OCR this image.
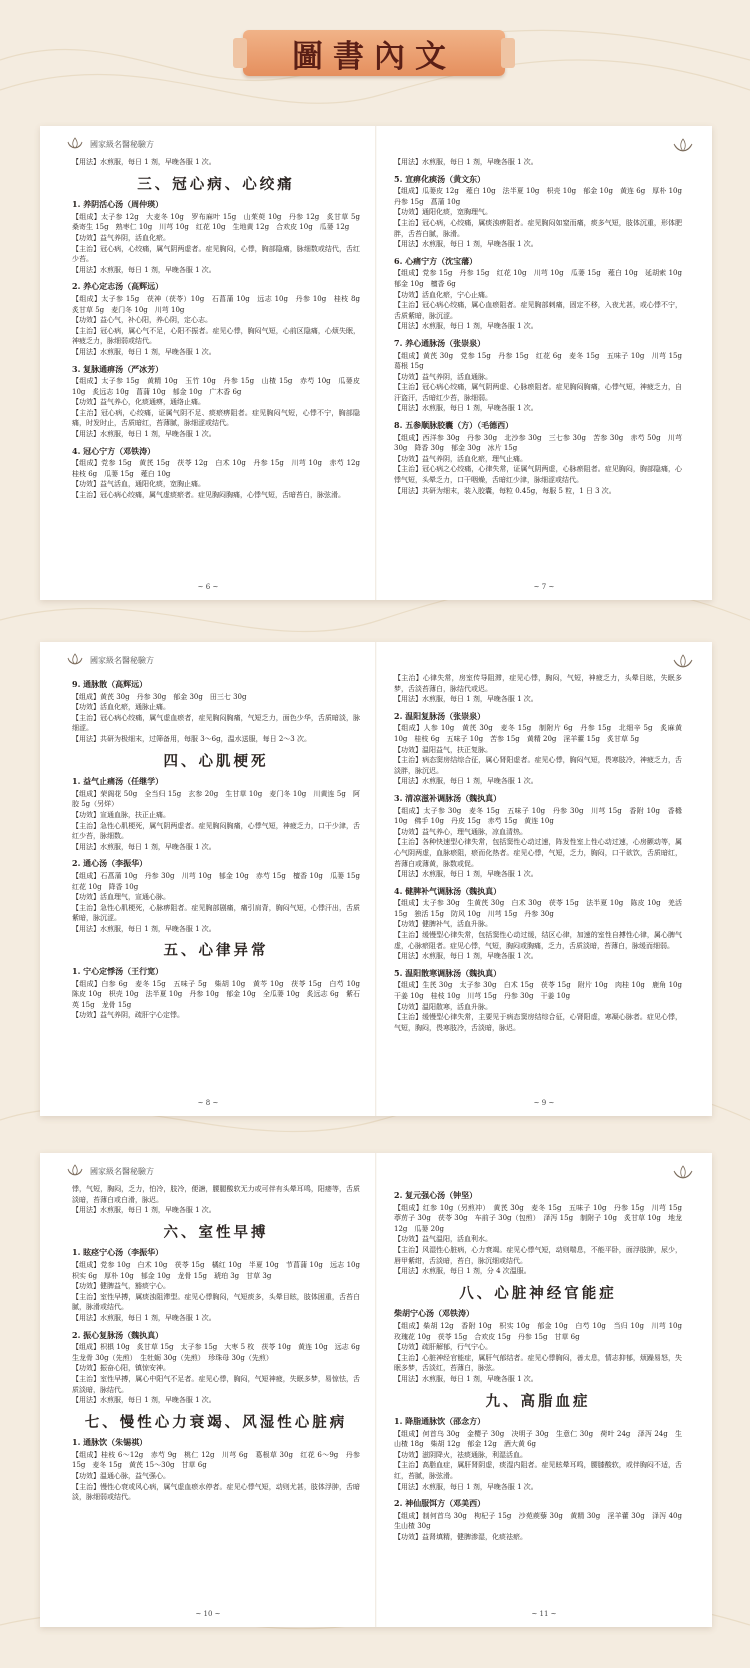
圖書內文
國家級名醫秘驗方

【用法】水煎服，每日 1 剂，早晚各服 1 次。

三、冠心病、心绞痛
1. 养阴活心汤（周仲瑛）

【组成】太子参 12g　大麦冬 10g　罗布麻叶 15g　山茱萸 10g　丹参 12g　炙甘草 5g　桑寄生 15g　熟枣仁 10g　川芎 10g　红花 10g　生地黄 12g　合欢皮 10g　瓜蒌 12g

【功效】益气养阴，活血化瘀。

【主治】冠心病，心绞痛，属气阴两虚者。症见胸闷，心悸，胸部隐痛，脉细数或结代，舌红少苔。

【用法】水煎服，每日 1 剂，早晚各服 1 次。

2. 养心定志汤（高辉远）

【组成】太子参 15g　茯神（茯苓）10g　石菖蒲 10g　远志 10g　丹参 10g　桂枝 8g　炙甘草 5g　麦门冬 10g　川芎 10g

【功效】益心气，补心阳，养心阴，定心志。

【主治】冠心病，属心气不足，心阳不振者。症见心悸，胸闷气短，心前区隐痛，心烦失眠，神疲乏力，脉细弱或结代。

【用法】水煎服，每日 1 剂，早晚各服 1 次。

3. 复脉通痹汤（严冰芳）

【组成】太子参 15g　黄精 10g　玉竹 10g　丹参 15g　山楂 15g　赤芍 10g　瓜蒌皮 10g　炙远志 10g　菖蒲 10g　郁金 10g　广木香 6g

【功效】益气养心，化痰通痹，通络止痛。

【主治】冠心病，心绞痛，证属气阴不足、痰瘀痹阻者。症见胸闷气短，心悸不宁，胸部隐痛，时发时止，舌质暗红，苔薄腻，脉细涩或结代。

【用法】水煎服，每日 1 剂，早晚各服 1 次。

4. 冠心宁方（邓铁涛）

【组成】党参 15g　黄芪 15g　茯苓 12g　白术 10g　丹参 15g　川芎 10g　赤芍 12g　桂枝 6g　瓜蒌 15g　薤白 10g

【功效】益气活血，通阳化痰，宽胸止痛。

【主治】冠心病心绞痛，属气虚痰瘀者。症见胸闷胸痛，心悸气短，舌暗苔白，脉弦滑。

~ 6 ~

【用法】水煎服，每日 1 剂，早晚各服 1 次。

5. 宣痹化痰汤（黄文东）

【组成】瓜蒌皮 12g　薤白 10g　法半夏 10g　枳壳 10g　郁金 10g　黄连 6g　厚朴 10g　丹参 15g　菖蒲 10g

【功效】通阳化痰，宽胸理气。

【主治】冠心病，心绞痛，属痰浊痹阻者。症见胸闷如窒而痛，痰多气短，肢体沉重，形体肥胖，舌苔白腻，脉滑。

【用法】水煎服，每日 1 剂，早晚各服 1 次。

6. 心痛宁方（沈宝藩）

【组成】党参 15g　丹参 15g　红花 10g　川芎 10g　瓜蒌 15g　薤白 10g　延胡索 10g　郁金 10g　檀香 6g

【功效】活血化瘀，宁心止痛。

【主治】冠心病心绞痛，属心血瘀阻者。症见胸部刺痛，固定不移，入夜尤甚，或心悸不宁，舌质紫暗，脉沉涩。

【用法】水煎服，每日 1 剂，早晚各服 1 次。

7. 养心通脉汤（张崇泉）

【组成】黄芪 30g　党参 15g　丹参 15g　红花 6g　麦冬 15g　五味子 10g　川芎 15g　葛根 15g

【功效】益气养阴，活血通脉。

【主治】冠心病心绞痛，属气阴两虚、心脉瘀阻者。症见胸闷胸痛，心悸气短，神疲乏力，自汗盗汗，舌暗红少苔，脉细弱。

【用法】水煎服，每日 1 剂，早晚各服 1 次。

8. 五参顺脉胶囊（方）（毛德西）

【组成】西洋参 30g　丹参 30g　北沙参 30g　三七参 30g　苦参 30g　赤芍 50g　川芎 30g　降香 30g　郁金 30g　冰片 15g

【功效】益气养阴，活血化瘀，理气止痛。

【主治】冠心病之心绞痛，心律失常，证属气阴两虚，心脉瘀阻者。症见胸闷，胸部隐痛，心悸气短，头晕乏力，口干咽燥，舌暗红少津，脉细涩或结代。

【用法】共研为细末，装入胶囊，每粒 0.45g，每服 5 粒，1 日 3 次。

~ 7 ~
國家級名醫秘驗方
9. 通脉散（高辉远）

【组成】黄芪 30g　丹参 30g　郁金 30g　田三七 30g

【功效】活血化瘀，通脉止痛。

【主治】冠心病心绞痛，属气虚血瘀者，症见胸闷胸痛，气短乏力，面色少华，舌质暗淡，脉细涩。

【用法】共研为极细末，过筛备用，每服 3～6g，温水送服，每日 2～3 次。

四、心肌梗死
1. 益气止痛汤（任继学）

【组成】荣阁花 50g　全当归 15g　玄参 20g　生甘草 10g　麦门冬 10g　川黄连 5g　阿胶 5g（另烊）

【功效】宣通血脉，扶正止痛。

【主治】急性心肌梗死，属气阴两虚者。症见胸闷胸痛，心悸气短，神疲乏力，口干少津，舌红少苔，脉细数。

【用法】水煎服，每日 1 剂，早晚各服 1 次。

2. 通心汤（李振华）

【组成】石菖蒲 10g　丹参 30g　川芎 10g　郁金 10g　赤芍 15g　檀香 10g　瓜蒌 15g　红花 10g　降香 10g

【功效】活血理气，宣通心脉。

【主治】急性心肌梗死，心脉痹阻者。症见胸部剧痛，痛引肩背，胸闷气短，心悸汗出，舌质紫暗，脉沉涩。

【用法】水煎服，每日 1 剂，早晚各服 1 次。

五、心律异常
1. 宁心定悸汤（王行宽）

【组成】白参 6g　麦冬 15g　五味子 5g　柴胡 10g　黄芩 10g　茯苓 15g　白芍 10g　陈皮 10g　枳壳 10g　法半夏 10g　丹参 10g　郁金 10g　全瓜蒌 10g　炙远志 6g　紫石英 15g　龙骨 15g

【功效】益气养阴，疏肝宁心定悸。

~ 8 ~

【主治】心律失常，房室传导阻滞，症见心悸，胸闷，气短，神疲乏力，头晕目眩，失眠多梦，舌淡苔薄白，脉结代或迟。

【用法】水煎服，每日 1 剂，早晚各服 1 次。

2. 温阳复脉汤（张崇泉）

【组成】人参 10g　黄芪 30g　麦冬 15g　制附片 6g　丹参 15g　北细辛 5g　炙麻黄 10g　桂枝 6g　五味子 10g　苦参 15g　黄精 20g　淫羊藿 15g　炙甘草 5g

【功效】温阳益气，扶正复脉。

【主治】病态窦房结综合征，属心肾阳虚者。症见心悸，胸闷气短，畏寒肢冷，神疲乏力，舌淡胖，脉沉迟。

【用法】水煎服，每日 1 剂，早晚各服 1 次。

3. 清凉滋补调脉汤（魏执真）

【组成】太子参 30g　麦冬 15g　五味子 10g　丹参 30g　川芎 15g　香附 10g　香橼 10g　佛手 10g　丹皮 15g　赤芍 15g　黄连 10g

【功效】益气养心，理气通脉，凉血清热。

【主治】各种快速型心律失常，包括窦性心动过速，阵发性室上性心动过速，心房颤动等，属心气阴两虚，血脉瘀阻，瘀而化热者。症见心悸，气短，乏力，胸闷，口干欲饮，舌质暗红，苔薄白或薄黄，脉数或促。

【用法】水煎服，每日 1 剂，早晚各服 1 次。

4. 健脾补气调脉汤（魏执真）

【组成】太子参 30g　生黄芪 30g　白术 30g　茯苓 15g　法半夏 10g　陈皮 10g　羌活 15g　独活 15g　防风 10g　川芎 15g　丹参 30g

【功效】健脾补气，活血升脉。

【主治】缓慢型心律失常，包括窦性心动过缓，结区心律，加速的室性自搏性心律，属心脾气虚，心脉瘀阻者。症见心悸，气短，胸闷或胸痛，乏力，舌质淡暗，苔薄白，脉缓而细弱。

【用法】水煎服，每日 1 剂，早晚各服 1 次。

5. 温阳散寒调脉汤（魏执真）

【组成】生芪 30g　太子参 30g　白术 15g　茯苓 15g　附片 10g　肉桂 10g　鹿角 10g　干姜 10g　桂枝 10g　川芎 15g　丹参 30g　干姜 10g

【功效】温阳散寒，活血升脉。

【主治】缓慢型心律失常，主要见于病态窦房结综合征，心肾阳虚，寒凝心脉者。症见心悸，气短，胸闷，畏寒肢冷，舌淡暗，脉迟。

~ 9 ~
國家級名醫秘驗方

悸，气短，胸闷，乏力，怕冷，肢冷，便溏，腰腿酸软无力或可伴有头晕耳鸣，阳痿等，舌质淡暗，苔薄白或白滑，脉迟。

【用法】水煎服，每日 1 剂，早晚各服 1 次。

六、室性早搏
1. 眩痉宁心汤（李振华）

【组成】党参 10g　白术 10g　茯苓 15g　橘红 10g　半夏 10g　节菖蒲 10g　远志 10g　枳实 6g　厚朴 10g　郁金 10g　龙骨 15g　琥珀 3g　甘草 3g

【功效】健脾益气，豁痰宁心。

【主治】室性早搏，属痰浊阻滞型。症见心悸胸闷，气短痰多，头晕目眩，肢体困重，舌苔白腻，脉滑或结代。

【用法】水煎服，每日 1 剂，早晚各服 1 次。

2. 振心复脉汤（魏执真）

【组成】枳椇 10g　炙甘草 15g　太子参 15g　大枣 5 枚　茯苓 10g　黄连 10g　远志 6g　生龙骨 30g（先煎）　生牡蛎 30g（先煎）　珍珠母 30g（先煎）

【功效】振奋心阳，镇惊安神。

【主治】室性早搏，属心中阳气不足者。症见心悸，胸闷，气短神疲，失眠多梦，易惊怯，舌质淡暗，脉结代。

【用法】水煎服，每日 1 剂，早晚各服 1 次。

七、慢性心力衰竭、风湿性心脏病
1. 通脉饮（朱锡祺）

【组成】桂枝 6～12g　赤芍 9g　桃仁 12g　川芎 6g　葛根草 30g　红花 6～9g　丹参 15g　麦冬 15g　黄芪 15～30g　甘草 6g

【功效】温通心脉，益气强心。

【主治】慢性心衰或风心病，属气虚血瘀水停者。症见心悸气短，动则尤甚，肢体浮肿，舌暗淡，脉细弱或结代。

~ 10 ~
2. 复元强心汤（钟坚）

【组成】红参 10g（另煎冲）　黄芪 30g　麦冬 15g　五味子 10g　丹参 15g　川芎 15g　葶苈子 30g　茯苓 30g　车前子 30g（包煎）　泽泻 15g　制附子 10g　炙甘草 10g　地龙 12g　瓜蒌 20g

【功效】益气温阳，活血利水。

【主治】风湿性心脏病，心力衰竭。症见心悸气短，动则喘息，不能平卧，面浮肢肿，尿少，唇甲紫绀，舌淡暗，苔白，脉沉细或结代。

【用法】水煎服，每日 1 剂，分 4 次温服。

八、心脏神经官能症
柴胡宁心汤（邓铁涛）

【组成】柴胡 12g　香附 10g　枳实 10g　郁金 10g　白芍 10g　当归 10g　川芎 10g　玫瑰花 10g　茯苓 15g　合欢皮 15g　丹参 15g　甘草 6g

【功效】疏肝解郁，行气宁心。

【主治】心脏神经官能症，属肝气郁结者。症见心悸胸闷，善太息，情志抑郁，烦躁易怒，失眠多梦，舌淡红，苔薄白，脉弦。

【用法】水煎服，每日 1 剂，早晚各服 1 次。

九、高脂血症
1. 降脂通脉饮（邵念方）

【组成】何首乌 30g　金樱子 30g　决明子 30g　生意仁 30g　荷叶 24g　泽泻 24g　生山楂 18g　柴胡 12g　郁金 12g　酒大黄 6g

【功效】滋阴降火，祛痰通脉，利湿活血。

【主治】高脂血症，属肝肾阴虚，痰湿内阻者。症见眩晕耳鸣，腰膝酸软，或伴胸闷不适，舌红，苔腻，脉弦滑。

【用法】水煎服，每日 1 剂，早晚各服 1 次。

2. 神仙服饵方（邓美西）

【组成】制何首乌 30g　枸杞子 15g　沙苑蒺藜 30g　黄精 30g　淫羊藿 30g　泽泻 40g　生山楂 30g

【功效】益肾填精，健脾渗湿，化痰祛瘀。

~ 11 ~
